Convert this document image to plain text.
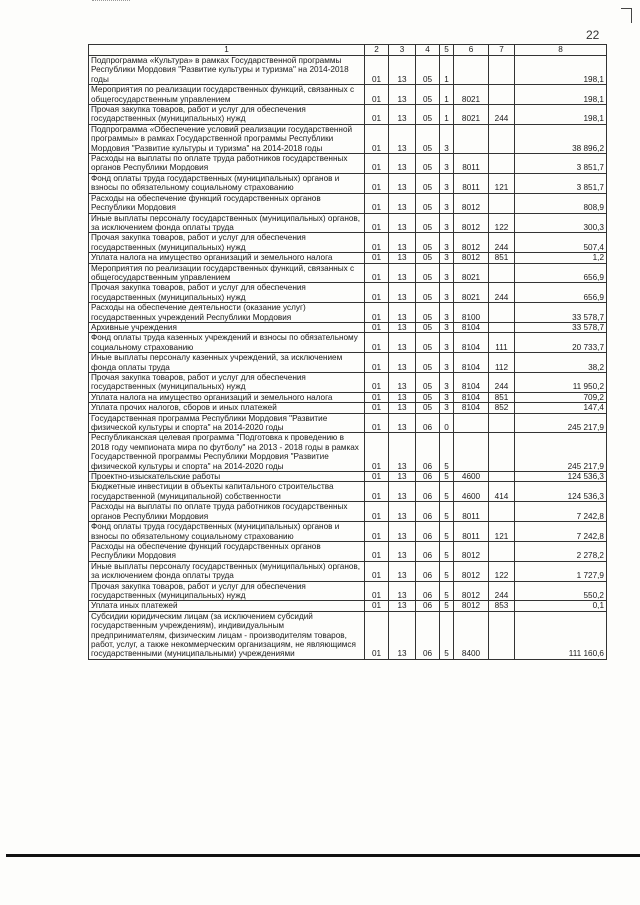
22
1	2	3	4	5	6	7	8
Подпрограмма «Культура» в рамках Государственной программы Республики Мордовия "Развитие культуры и туризма" на 2014-2018 годы	01	13	05	1			198,1
Мероприятия по реализации государственных функций, связанных с общегосударственным управлением	01	13	05	1	8021		198,1
Прочая закупка товаров, работ и услуг для обеспечения государственных (муниципальных) нужд	01	13	05	1	8021	244	198,1
Подпрограмма «Обеспечение условий реализации государственной программы» в рамках Государственной программы Республики Мордовия "Развитие культуры и туризма" на 2014-2018 годы	01	13	05	3			38 896,2
Расходы на выплаты по оплате труда работников государственных органов Республики Мордовия	01	13	05	3	8011		3 851,7
Фонд оплаты труда государственных (муниципальных) органов и взносы по обязательному социальному страхованию	01	13	05	3	8011	121	3 851,7
Расходы на обеспечение функций государственных органов Республики Мордовия	01	13	05	3	8012		808,9
Иные выплаты персоналу государственных (муниципальных) органов, за исключением фонда оплаты труда	01	13	05	3	8012	122	300,3
Прочая закупка товаров, работ и услуг для обеспечения государственных (муниципальных) нужд	01	13	05	3	8012	244	507,4
Уплата налога на имущество организаций и земельного налога	01	13	05	3	8012	851	1,2
Мероприятия по реализации государственных функций, связанных с общегосударственным управлением	01	13	05	3	8021		656,9
Прочая закупка товаров, работ и услуг для обеспечения государственных (муниципальных) нужд	01	13	05	3	8021	244	656,9
Расходы на обеспечение деятельности (оказание услуг) государственных учреждений Республики Мордовия	01	13	05	3	8100		33 578,7
Архивные учреждения	01	13	05	3	8104		33 578,7
Фонд оплаты труда казенных учреждений и взносы по обязательному социальному страхованию	01	13	05	3	8104	111	20 733,7
Иные выплаты персоналу казенных учреждений, за исключением фонда оплаты труда	01	13	05	3	8104	112	38,2
Прочая закупка товаров, работ и услуг для обеспечения государственных (муниципальных) нужд	01	13	05	3	8104	244	11 950,2
Уплата налога на имущество организаций и земельного налога	01	13	05	3	8104	851	709,2
Уплата прочих налогов, сборов и иных платежей	01	13	05	3	8104	852	147,4
Государственная программа Республики Мордовия "Развитие физической культуры и спорта" на 2014-2020 годы	01	13	06	0			245 217,9
Республиканская целевая программа "Подготовка к проведению в 2018 году чемпионата мира по футболу" на 2013 - 2018 годы в рамках Государственной программы Республики Мордовия "Развитие физической культуры и спорта" на 2014-2020 годы	01	13	06	5			245 217,9
Проектно-изыскательские работы	01	13	06	5	4600		124 536,3
Бюджетные инвестиции в объекты капитального строительства государственной (муниципальной) собственности	01	13	06	5	4600	414	124 536,3
Расходы на выплаты по оплате труда работников государственных органов Республики Мордовия	01	13	06	5	8011		7 242,8
Фонд оплаты труда государственных (муниципальных) органов и взносы по обязательному социальному страхованию	01	13	06	5	8011	121	7 242,8
Расходы на обеспечение функций государственных органов Республики Мордовия	01	13	06	5	8012		2 278,2
Иные выплаты персоналу государственных (муниципальных) органов, за исключением фонда оплаты труда	01	13	06	5	8012	122	1 727,9
Прочая закупка товаров, работ и услуг для обеспечения государственных (муниципальных) нужд	01	13	06	5	8012	244	550,2
Уплата иных платежей	01	13	06	5	8012	853	0,1
Субсидии юридическим лицам (за исключением субсидий государственным учреждениям), индивидуальным предпринимателям, физическим лицам - производителям товаров, работ, услуг, а также некоммерческим организациям, не являющимся государственными (муниципальными) учреждениями	01	13	06	5	8400		111 160,6
